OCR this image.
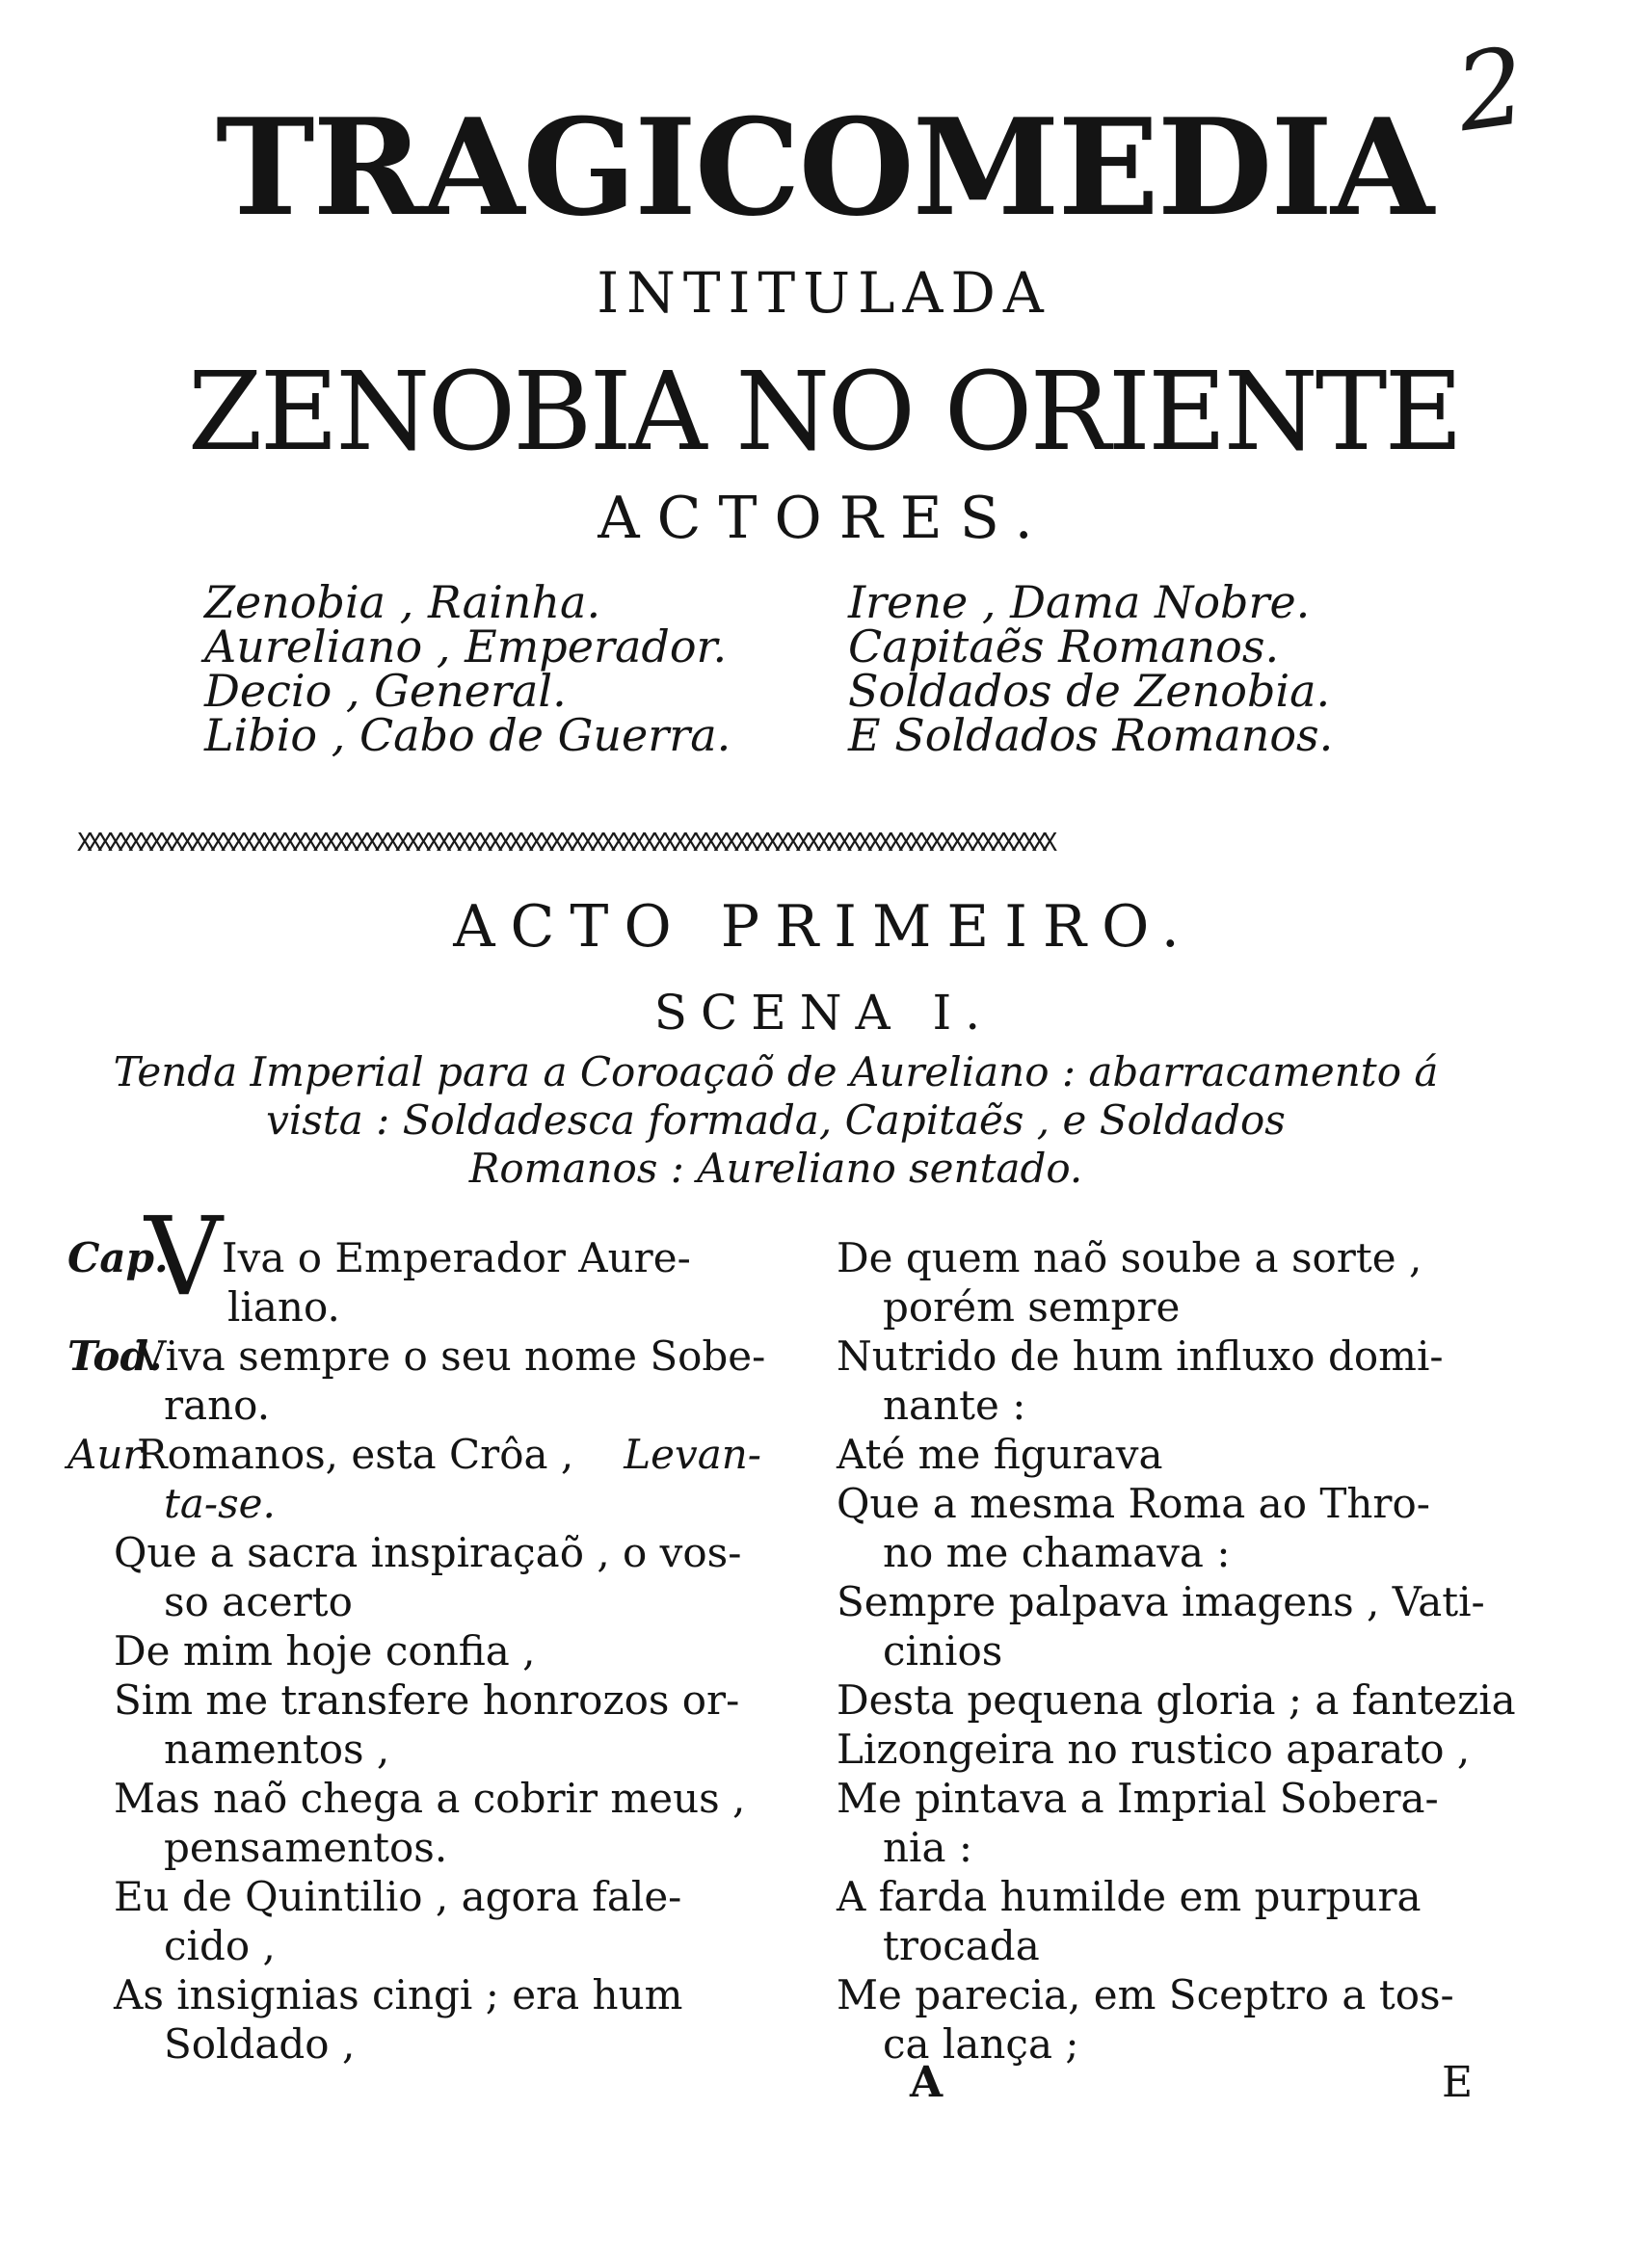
2
TRAGICOMEDIA
INTITULADA
ZENOBIA NO ORIENTE
ACTORES.
Zenobia , Rainha.
Aureliano , Emperador.
Decio , General.
Libio , Cabo de Guerra.
Irene , Dama Nobre.
Capitaẽs Romanos.
Soldados de Zenobia.
E Soldados Romanos.
XXXXXXXXXXXXXXXXXXXXXXXXXXXXXXXXXXXXXXXXXXXXXXXXXXXXXXXXXXXXXXXXXXXXXXXXXXXXXXXXXXXXXXXXXXXXXXX
ACTO PRIMEIRO.
SCENA I.
Tenda Imperial para a Coroaçaõ de Aureliano : abarracamento á
vista : Soldadesca formada, Capitaẽs , e Soldados
Romanos : Aureliano sentado.
Cap.VIva o Emperador Aure-
liano.
Tod.Viva sempre o seu nome Sobe-
rano.
Aur.Romanos, esta Crôa , Levan-
ta-se.
Que a sacra inspiraçaõ , o vos-
so acerto
De mim hoje confia ,
Sim me transfere honrozos or-
namentos ,
Mas naõ chega a cobrir meus ,
pensamentos.
Eu de Quintilio , agora fale-
cido ,
As insignias cingi ; era hum
Soldado ,
De quem naõ soube a sorte ,
porém sempre
Nutrido de hum influxo domi-
nante :
Até me figurava
Que a mesma Roma ao Thro-
no me chamava :
Sempre palpava imagens , Vati-
cinios
Desta pequena gloria ; a fantezia
Lizongeira no rustico aparato ,
Me pintava a Imprial Sobera-
nia :
A farda humilde em purpura
trocada
Me parecia, em Sceptro a tos-
ca lança ;
A	E
